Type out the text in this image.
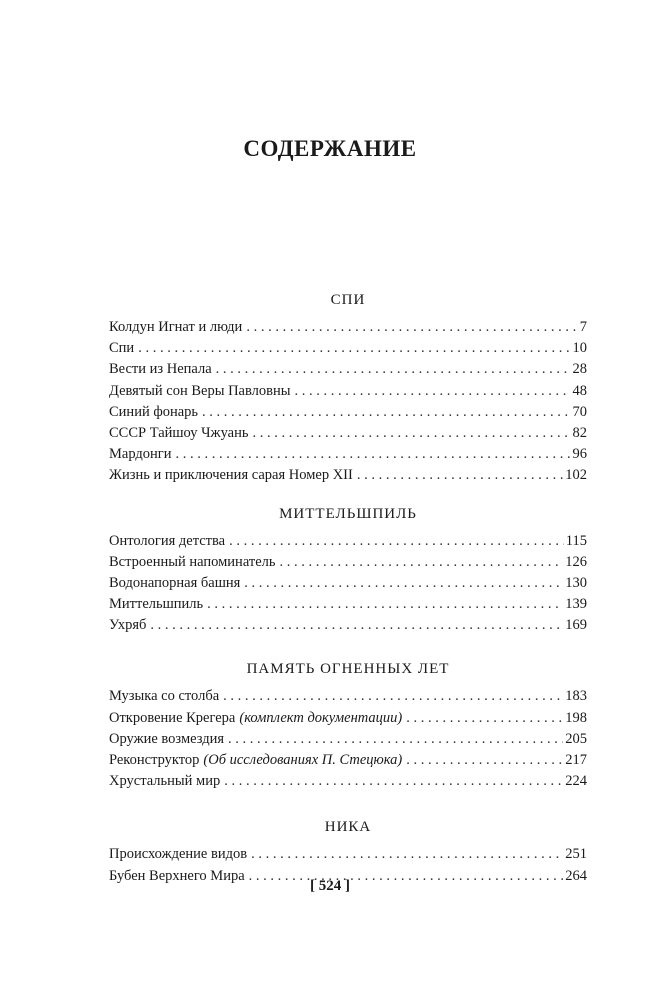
СОДЕРЖАНИЕ
СПИ
Колдун Игнат и люди . . .	7
Спи . . .	10
Вести из Непала . . .	28
Девятый сон Веры Павловны . . .	48
Синий фонарь . . .	70
СССР Тайшоу Чжуань . . .	82
Мардонги . . .	96
Жизнь и приключения сарая Номер XII . . .	102
МИТТЕЛЬШПИЛЬ
Онтология детства . . .	115
Встроенный напоминатель . . .	126
Водонапорная башня . . .	130
Миттельшпиль . . .	139
Ухряб . . .	169
ПАМЯТЬ ОГНЕННЫХ ЛЕТ
Музыка со столба . . .	183
Откровение Крегера (комплект документации) . . .	198
Оружие возмездия . . .	205
Реконструктор (Об исследованиях П. Стецюка) . . .	217
Хрустальный мир . . .	224
НИКА
Происхождение видов . . .	251
Бубен Верхнего Мира . . .	264
[ 524 ]
